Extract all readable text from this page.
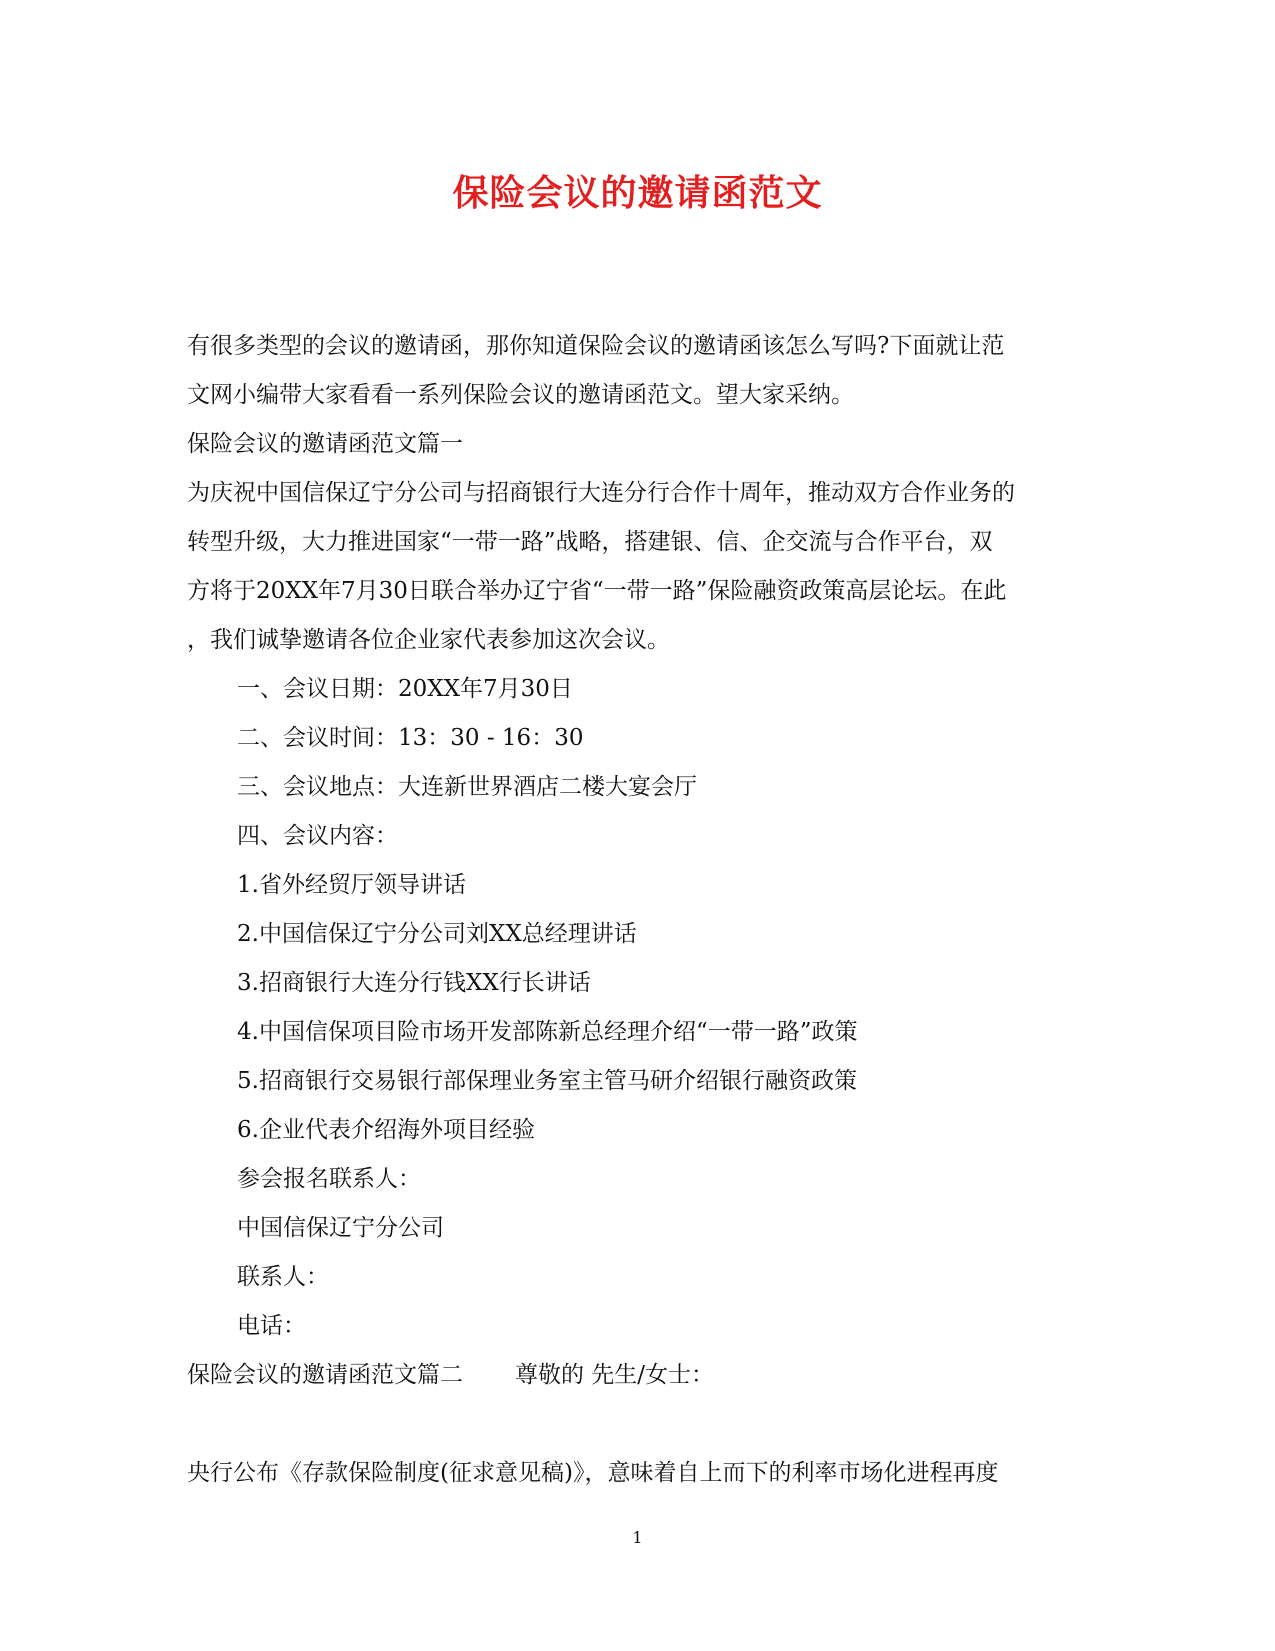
保险会议的邀请函范文
有很多类型的会议的邀请函，那你知道保险会议的邀请函该怎么写吗?下面就让范
文网小编带大家看看一系列保险会议的邀请函范文。望大家采纳。
保险会议的邀请函范文篇一
为庆祝中国信保辽宁分公司与招商银行大连分行合作十周年，推动双方合作业务的
转型升级，大力推进国家“一带一路”战略，搭建银、信、企交流与合作平台，双
方将于20XX年7月30日联合举办辽宁省“一带一路”保险融资政策高层论坛。在此
，我们诚挚邀请各位企业家代表参加这次会议。
一、会议日期：20XX年7月30日
二、会议时间：13：30 - 16：30
三、会议地点：大连新世界酒店二楼大宴会厅
四、会议内容：
1.省外经贸厅领导讲话
2.中国信保辽宁分公司刘XX总经理讲话
3.招商银行大连分行钱XX行长讲话
4.中国信保项目险市场开发部陈新总经理介绍“一带一路”政策
5.招商银行交易银行部保理业务室主管马研介绍银行融资政策
6.企业代表介绍海外项目经验
参会报名联系人：
中国信保辽宁分公司
联系人：
电话：
保险会议的邀请函范文篇二 尊敬的 先生/女士：
央行公布《存款保险制度(征求意见稿)》，意味着自上而下的利率市场化进程再度
1
